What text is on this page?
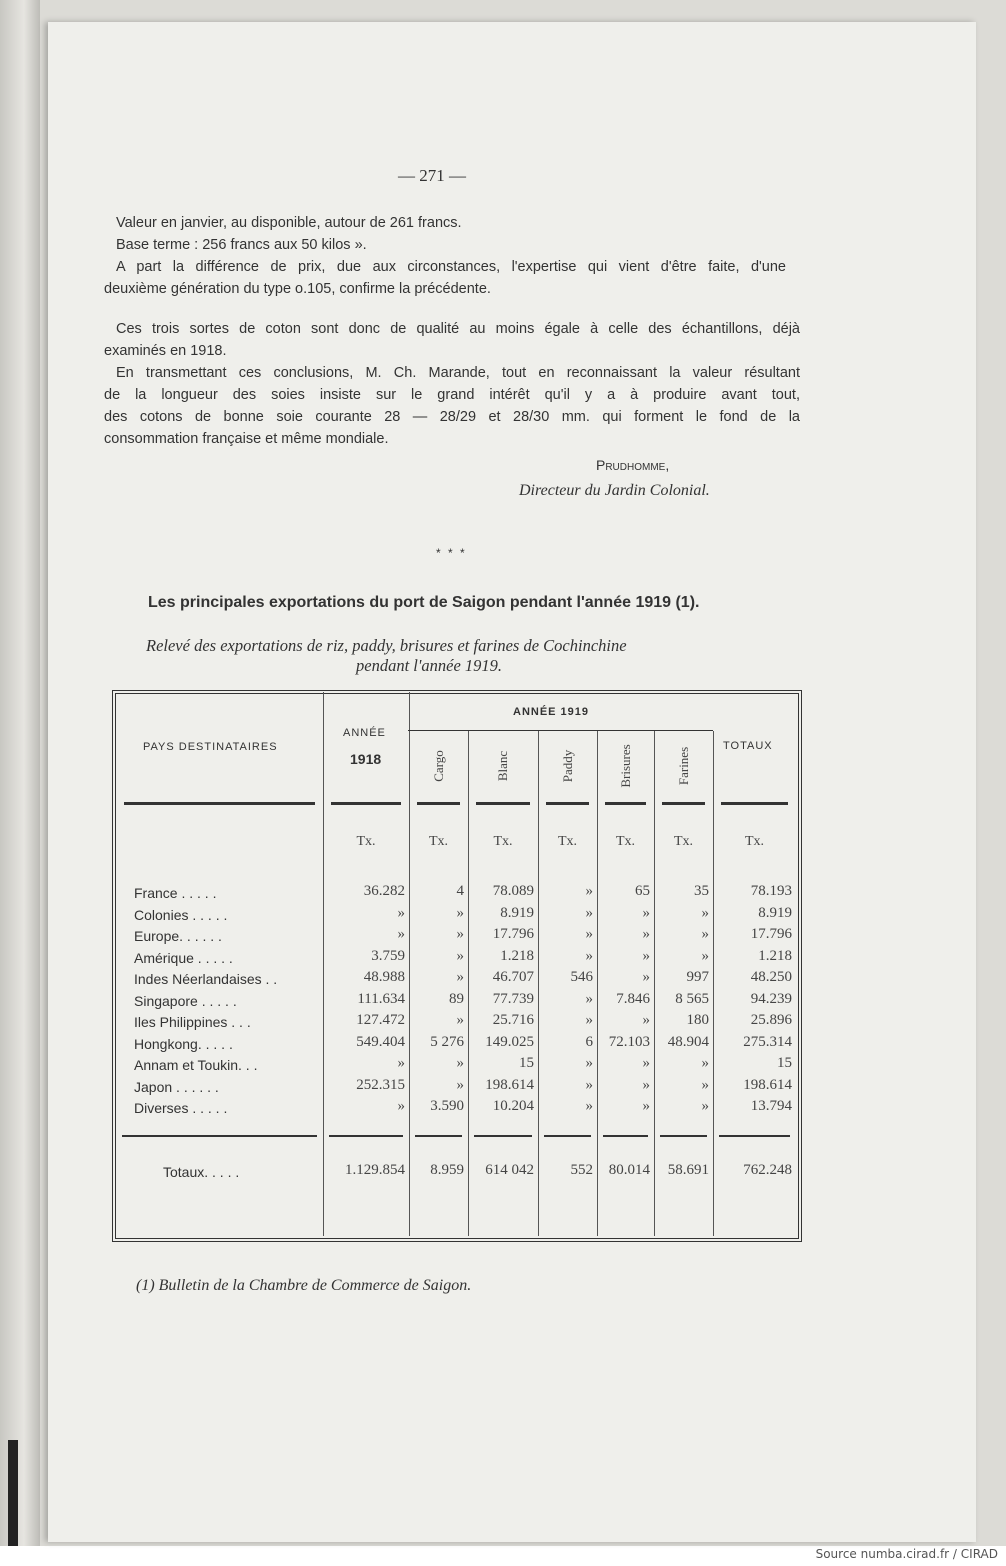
— 271 —
Valeur en janvier, au disponible, autour de 261 francs.
Base terme : 256 francs aux 50 kilos ».
A part la différence de prix, due aux circonstances, l'expertise qui vient d'être faite, d'une
deuxième génération du type o.105, confirme la précédente.
Ces trois sortes de coton sont donc de qualité au moins égale à celle des échantillons, déjà
examinés en 1918.
En transmettant ces conclusions, M. Ch. Marande, tout en reconnaissant la valeur résultant
de la longueur des soies insiste sur le grand intérêt qu'il y a à produire avant tout,
des cotons de bonne soie courante 28 — 28/29 et 28/30 mm. qui forment le fond de la
consommation française et même mondiale.
Prudhomme,
Directeur du Jardin Colonial.
* * *
Les principales exportations du port de Saigon pendant l'année 1919 (1).
Relevé des exportations de riz, paddy, brisures et farines de Cochinchine
pendant l'année 1919.
PAYS DESTINATAIRES
ANNÉE
1918
ANNÉE 1919
TOTAUX
Cargo	Blanc	Paddy	Brisures	Farines
Tx.	Tx.	Tx.	Tx.	Tx.	Tx.	Tx.
France . . . . .	36.282	4	78.089	»	65	35	78.193
Colonies . . . . .	»	»	8.919	»	»	»	8.919
Europe. . . . . .	»	»	17.796	»	»	»	17.796
Amérique . . . . .	3.759	»	1.218	»	»	»	1.218
Indes Néerlandaises . .	48.988	»	46.707	546	»	997	48.250
Singapore . . . . .	111.634	89	77.739	»	7.846	8 565	94.239
Iles Philippines . . .	127.472	»	25.716	»	»	180	25.896
Hongkong. . . . .	549.404	5 276	149.025	6	72.103	48.904	275.314
Annam et Toukin. . .	»	»	15	»	»	»	15
Japon . . . . . .	252.315	»	198.614	»	»	»	198.614
Diverses . . . . .	»	3.590	10.204	»	»	»	13.794
Totaux. . . . .	1.129.854	8.959	614 042	552	80.014	58.691	762.248
(1) Bulletin de la Chambre de Commerce de Saigon.
Source numba.cirad.fr / CIRAD
